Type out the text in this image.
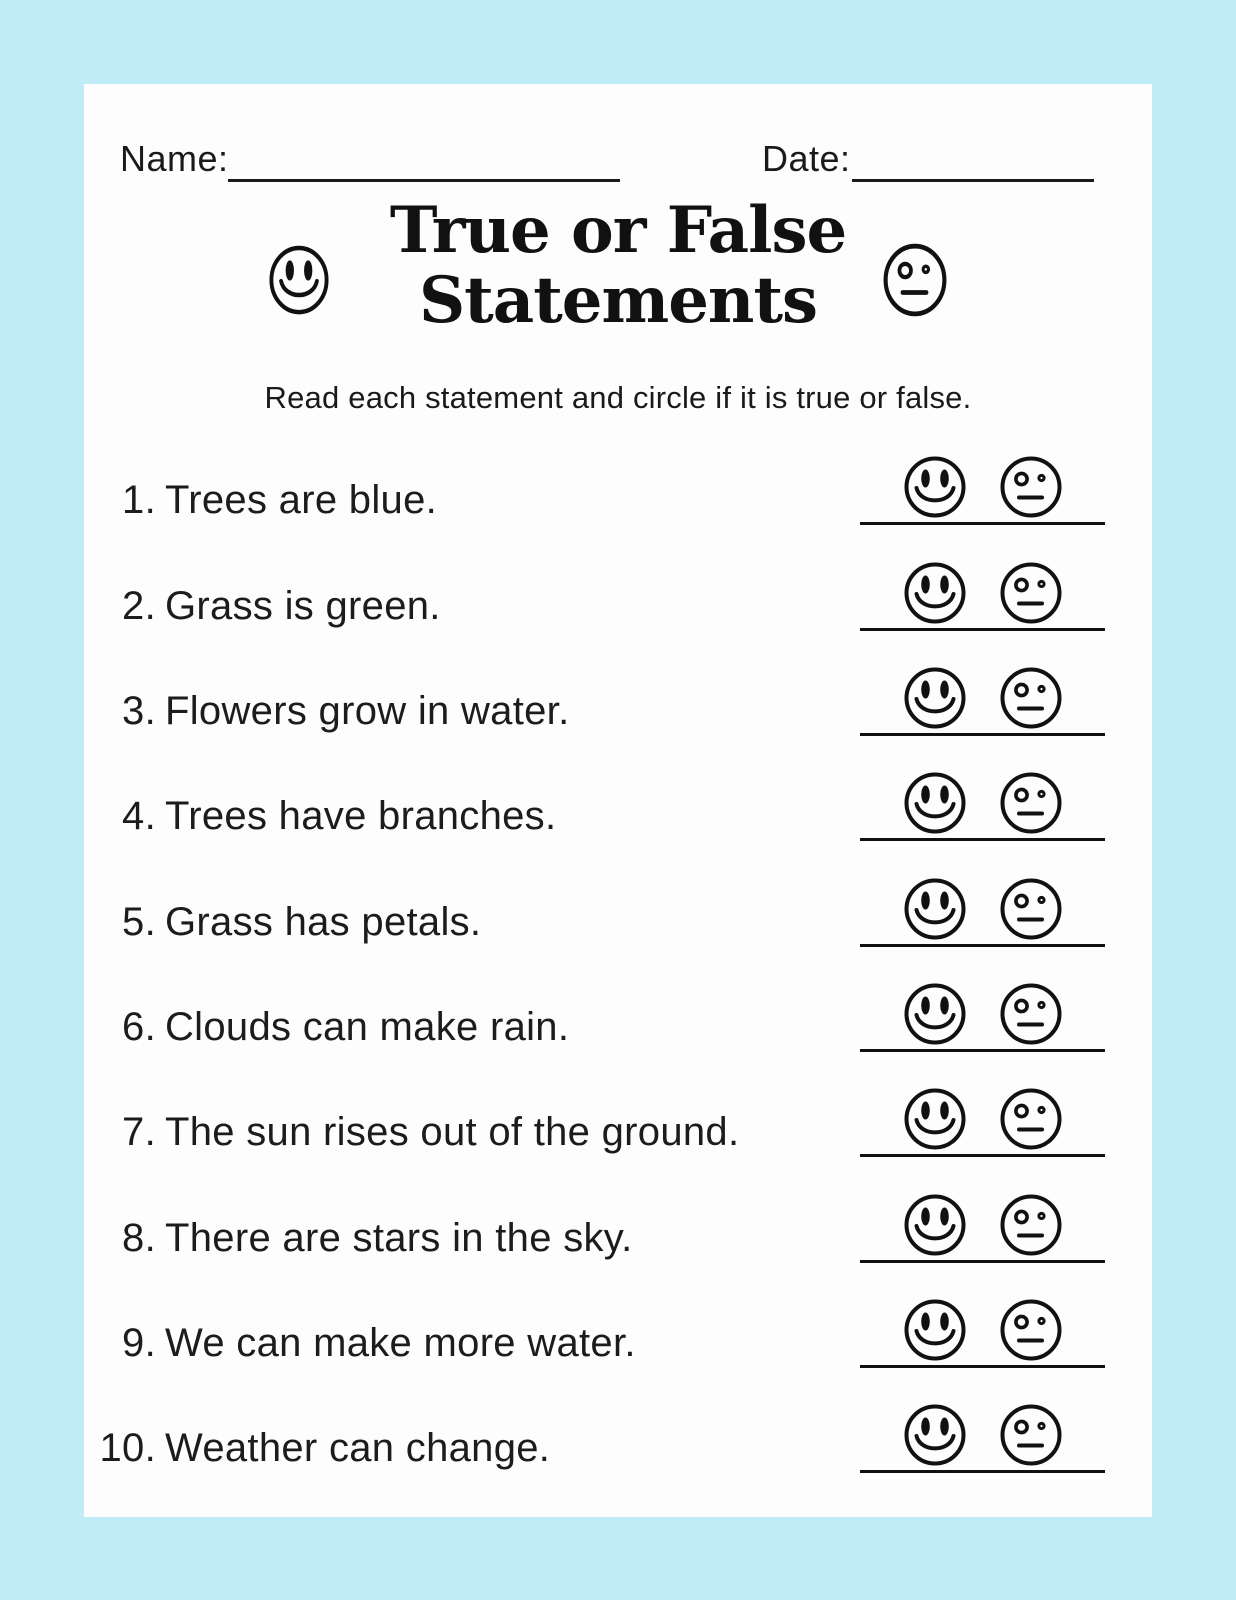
Name:	Date:
True or False
Statements
Read each statement and circle if it is true or false.
1. Trees are blue.
2. Grass is green.
3. Flowers grow in water.
4. Trees have branches.
5. Grass has petals.
6. Clouds can make rain.
7. The sun rises out of the ground.
8. There are stars in the sky.
9. We can make more water.
10. Weather can change.
